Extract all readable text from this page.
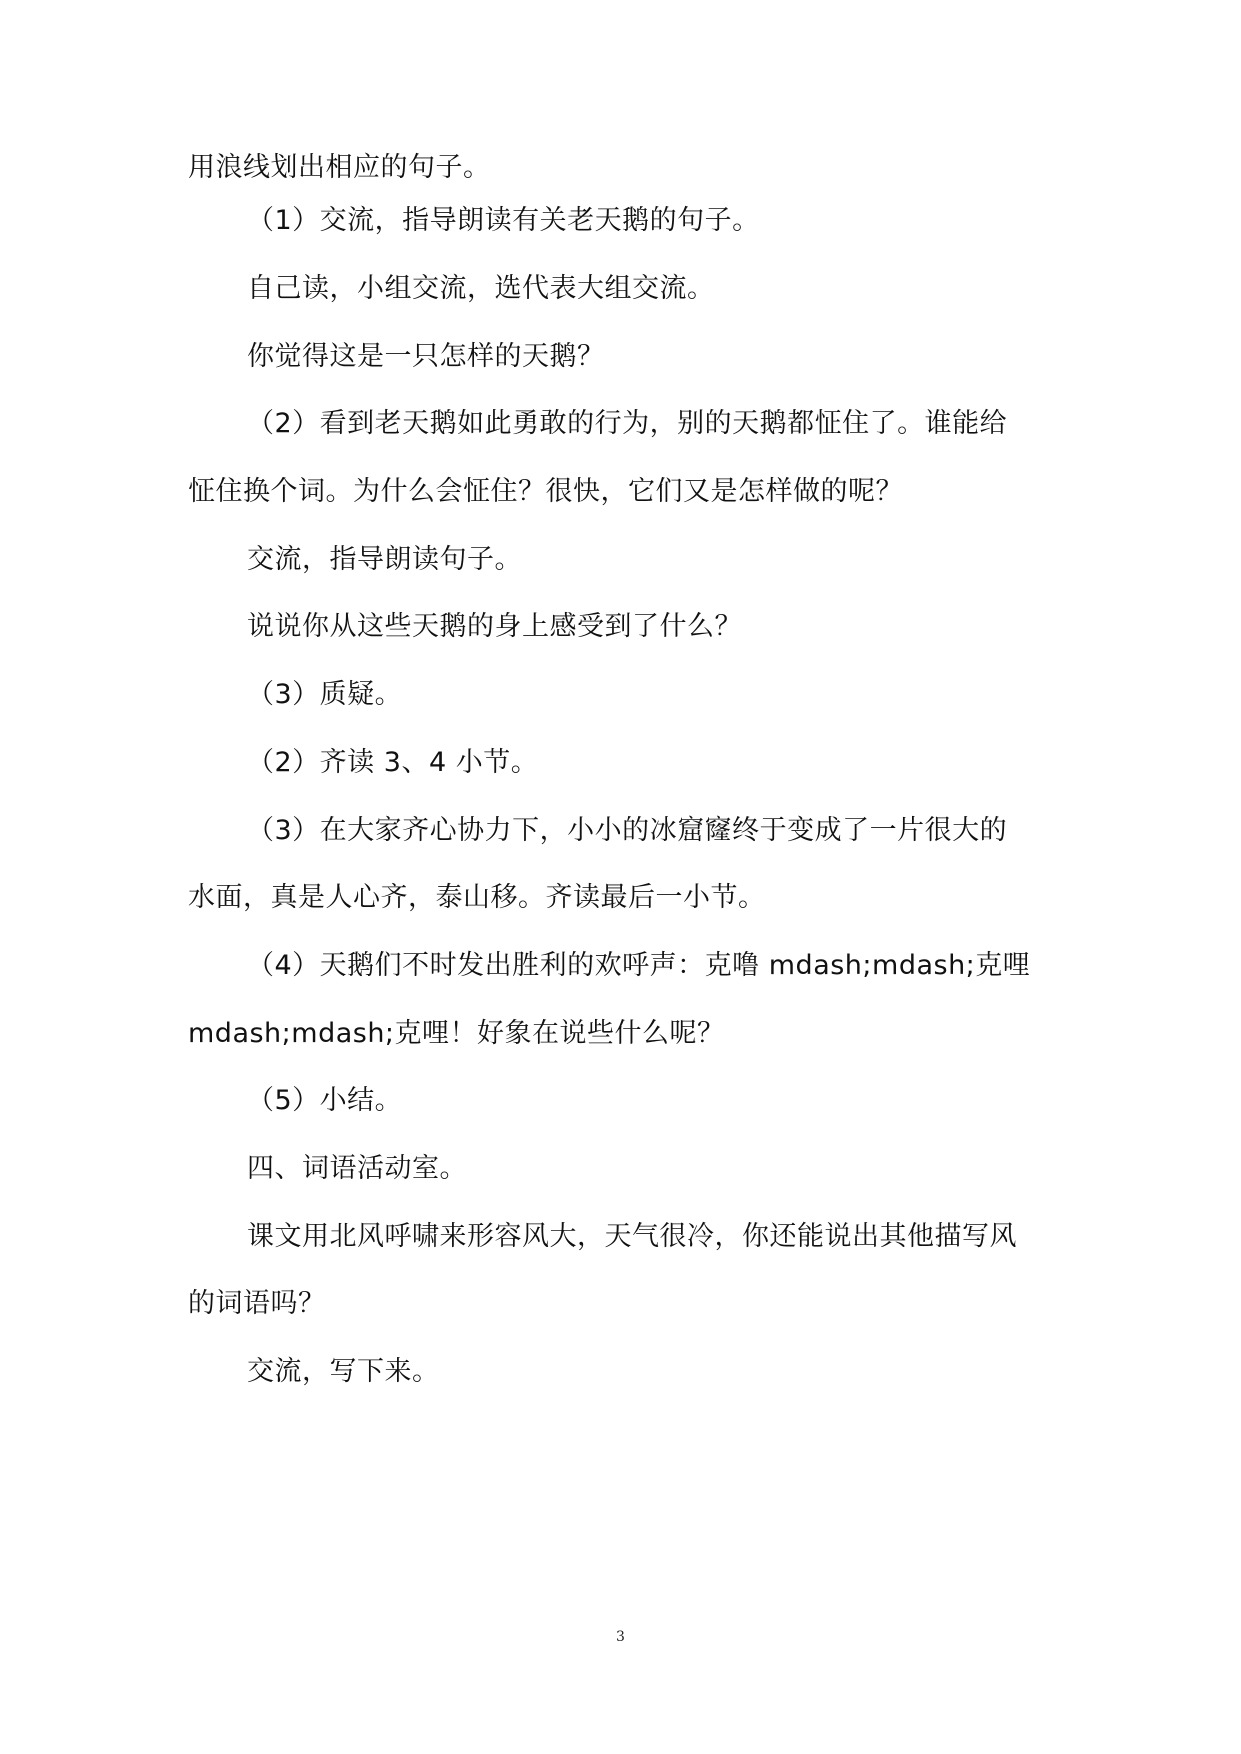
用浪线划出相应的句子。
（1）交流，指导朗读有关老天鹅的句子。
自己读，小组交流，选代表大组交流。
你觉得这是一只怎样的天鹅？
（2）看到老天鹅如此勇敢的行为，别的天鹅都怔住了。谁能给
怔住换个词。为什么会怔住？很快，它们又是怎样做的呢？
交流，指导朗读句子。
说说你从这些天鹅的身上感受到了什么？
（3）质疑。
（2）齐读 3、4 小节。
（3）在大家齐心协力下，小小的冰窟窿终于变成了一片很大的
水面，真是人心齐，泰山移。齐读最后一小节。
（4）天鹅们不时发出胜利的欢呼声：克噜 mdash;mdash;克哩
mdash;mdash;克哩！好象在说些什么呢？
（5）小结。
四、词语活动室。
课文用北风呼啸来形容风大，天气很冷，你还能说出其他描写风
的词语吗？
交流，写下来。
3
